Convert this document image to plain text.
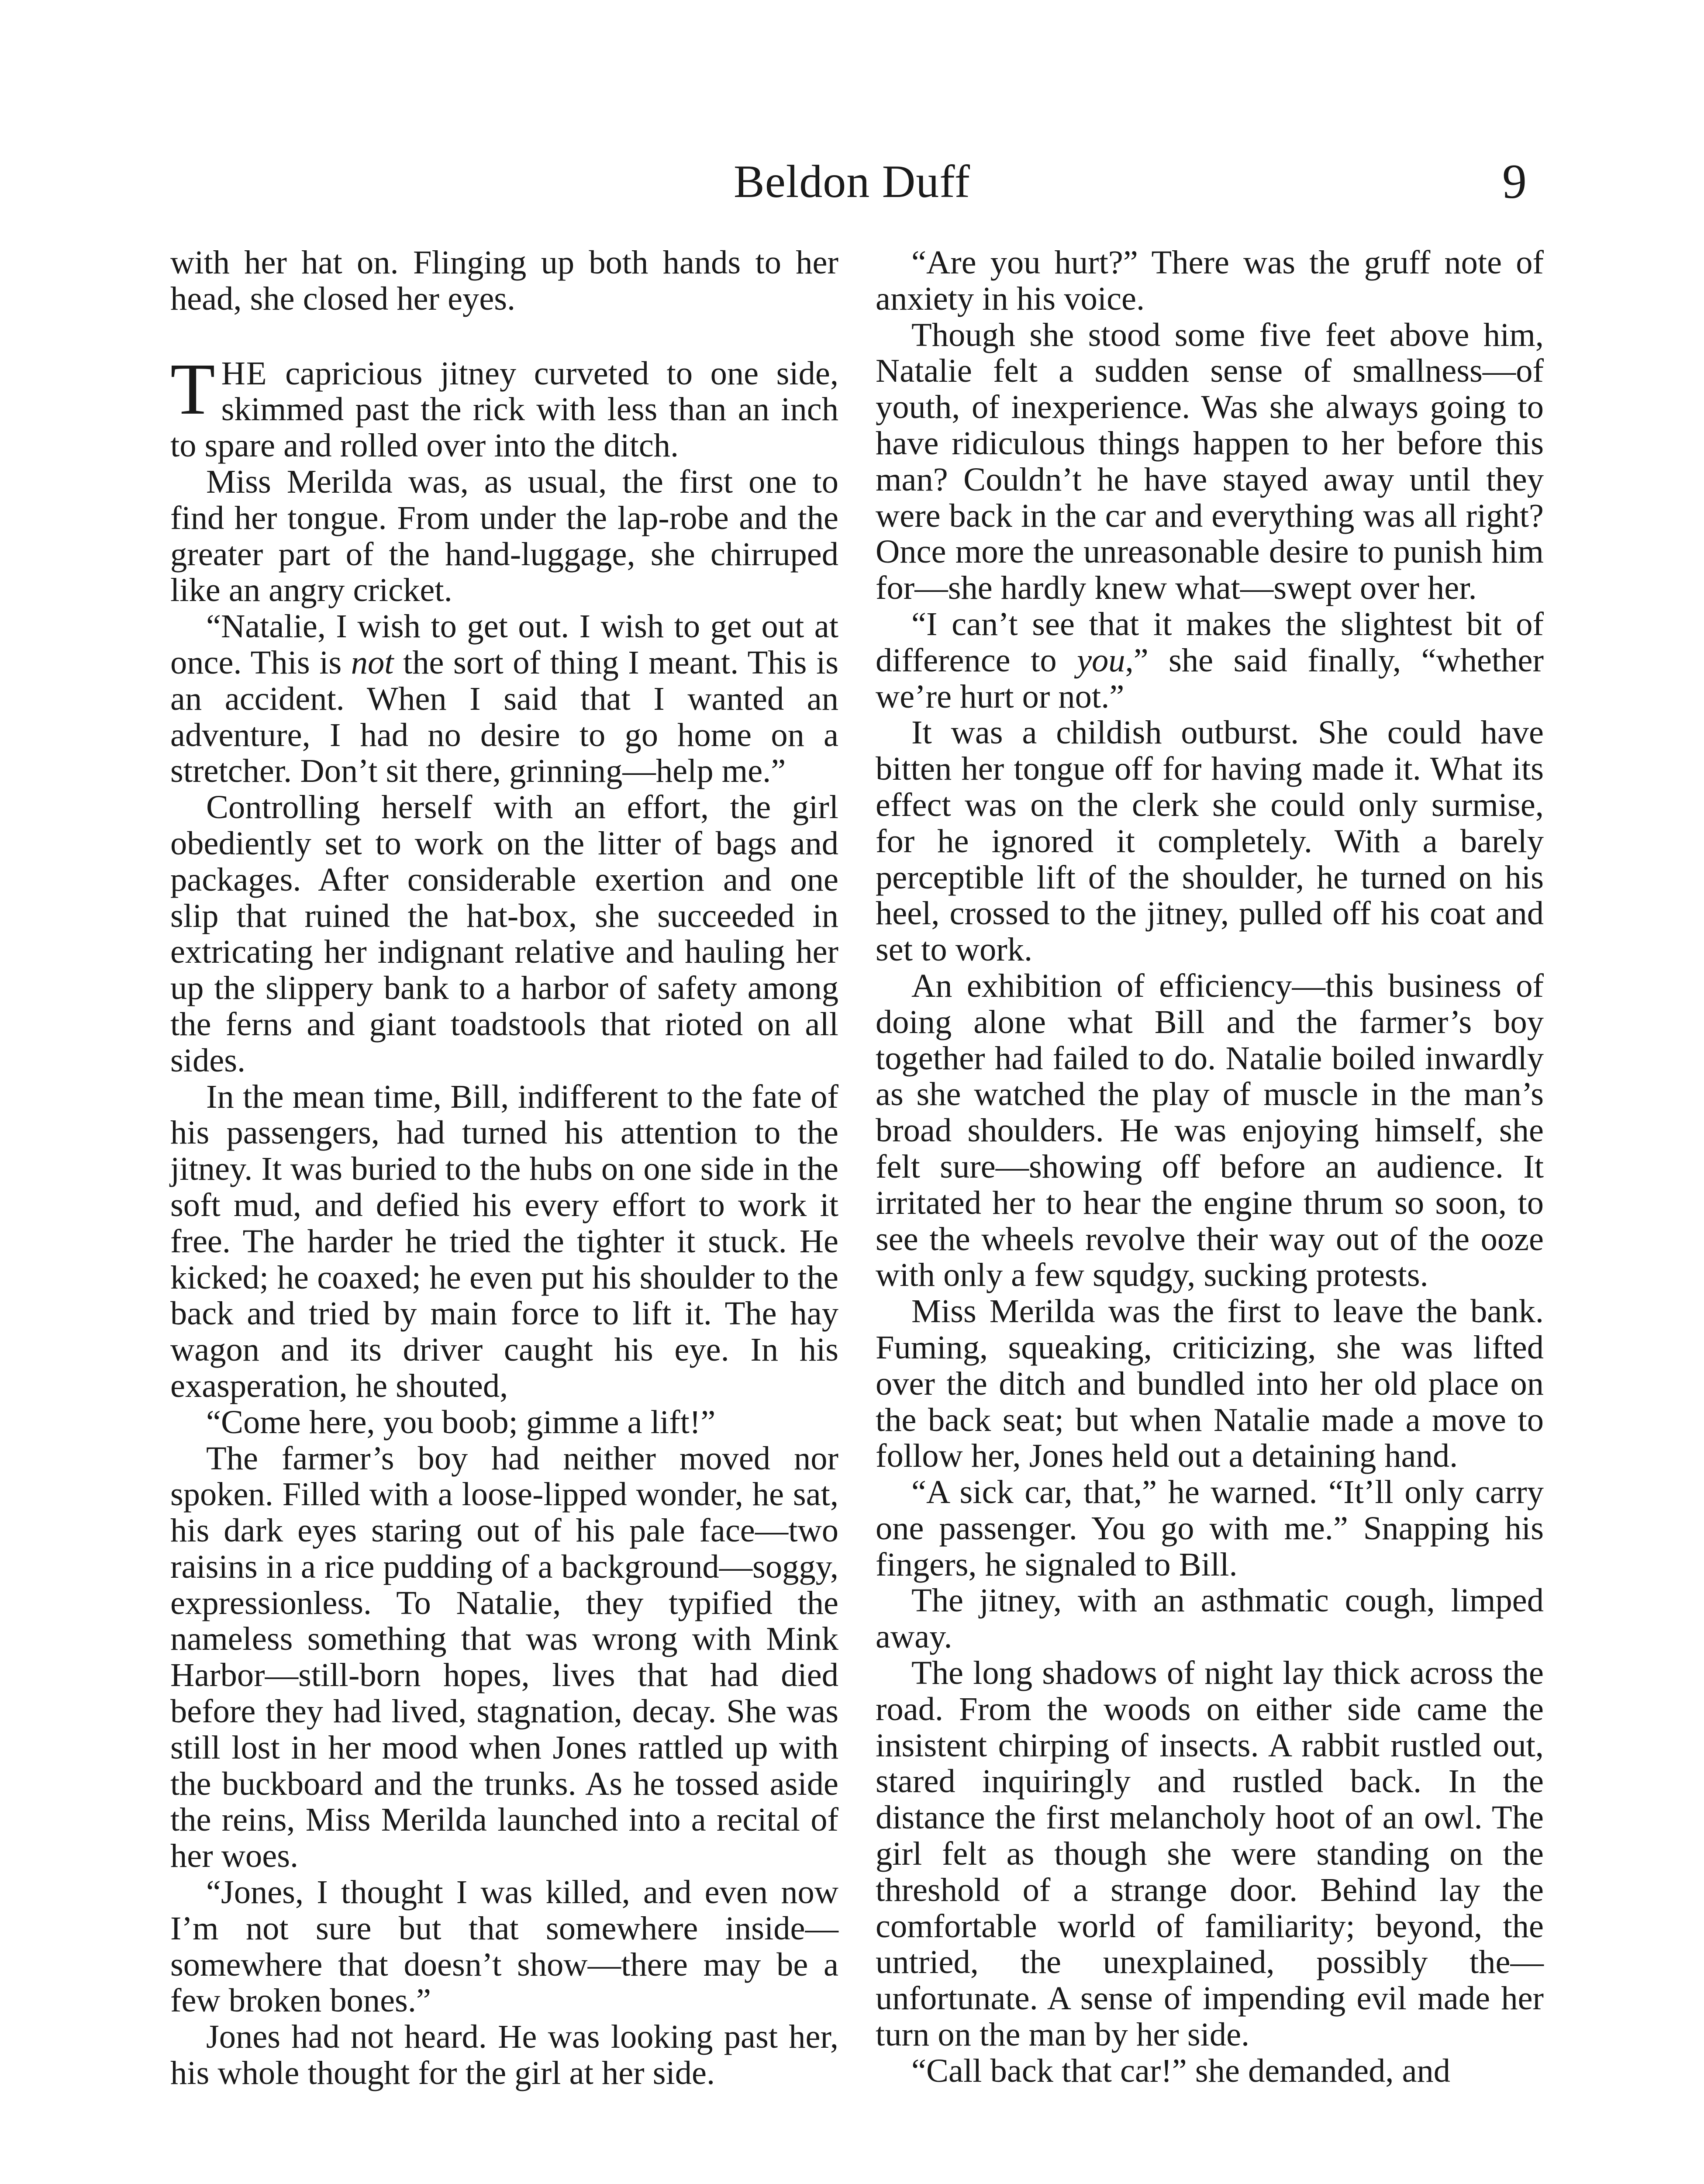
Beldon Duff	9

with her hat on. Flinging up both hands to her head, she closed her eyes.

THE capricious jitney curveted to one side, skimmed past the rick with less than an inch to spare and rolled over into the ditch.

Miss Merilda was, as usual, the first one to find her tongue. From under the lap-robe and the greater part of the hand-luggage, she chirruped like an angry cricket.

“Natalie, I wish to get out. I wish to get out at once. This is not the sort of thing I meant. This is an accident. When I said that I wanted an adventure, I had no desire to go home on a stretcher. Don’t sit there, grinning—help me.”

Controlling herself with an effort, the girl obediently set to work on the litter of bags and packages. After considerable exertion and one slip that ruined the hat-box, she succeeded in extricating her indignant relative and hauling her up the slippery bank to a harbor of safety among the ferns and giant toadstools that rioted on all sides.

In the mean time, Bill, indifferent to the fate of his passengers, had turned his attention to the jitney. It was buried to the hubs on one side in the soft mud, and defied his every effort to work it free. The harder he tried the tighter it stuck. He kicked; he coaxed; he even put his shoulder to the back and tried by main force to lift it. The hay wagon and its driver caught his eye. In his exasperation, he shouted,

“Come here, you boob; gimme a lift!”

The farmer’s boy had neither moved nor spoken. Filled with a loose-lipped wonder, he sat, his dark eyes staring out of his pale face—two raisins in a rice pudding of a background—soggy, expressionless. To Natalie, they typified the nameless something that was wrong with Mink Harbor—still-born hopes, lives that had died before they had lived, stagnation, decay. She was still lost in her mood when Jones rattled up with the buckboard and the trunks. As he tossed aside the reins, Miss Merilda launched into a recital of her woes.

“Jones, I thought I was killed, and even now I’m not sure but that somewhere inside—somewhere that doesn’t show—there may be a few broken bones.”

Jones had not heard. He was looking past her, his whole thought for the girl at her side.

“Are you hurt?” There was the gruff note of anxiety in his voice.

Though she stood some five feet above him, Natalie felt a sudden sense of smallness—of youth, of inexperience. Was she always going to have ridiculous things happen to her before this man? Couldn’t he have stayed away until they were back in the car and everything was all right? Once more the unreasonable desire to punish him for—she hardly knew what—swept over her.

“I can’t see that it makes the slightest bit of difference to you,” she said finally, “whether we’re hurt or not.”

It was a childish outburst. She could have bitten her tongue off for having made it. What its effect was on the clerk she could only surmise, for he ignored it completely. With a barely perceptible lift of the shoulder, he turned on his heel, crossed to the jitney, pulled off his coat and set to work.

An exhibition of efficiency—this business of doing alone what Bill and the farmer’s boy together had failed to do. Natalie boiled inwardly as she watched the play of muscle in the man’s broad shoulders. He was enjoying himself, she felt sure—showing off before an audience. It irritated her to hear the engine thrum so soon, to see the wheels revolve their way out of the ooze with only a few squdgy, sucking protests.

Miss Merilda was the first to leave the bank. Fuming, squeaking, criticizing, she was lifted over the ditch and bundled into her old place on the back seat; but when Natalie made a move to follow her, Jones held out a detaining hand.

“A sick car, that,” he warned. “It’ll only carry one passenger. You go with me.” Snapping his fingers, he signaled to Bill.

The jitney, with an asthmatic cough, limped away.

The long shadows of night lay thick across the road. From the woods on either side came the insistent chirping of insects. A rabbit rustled out, stared inquiringly and rustled back. In the distance the first melancholy hoot of an owl. The girl felt as though she were standing on the threshold of a strange door. Behind lay the comfortable world of familiarity; beyond, the untried, the unexplained, possibly the—unfortunate. A sense of impending evil made her turn on the man by her side.

“Call back that car!” she demanded, and
